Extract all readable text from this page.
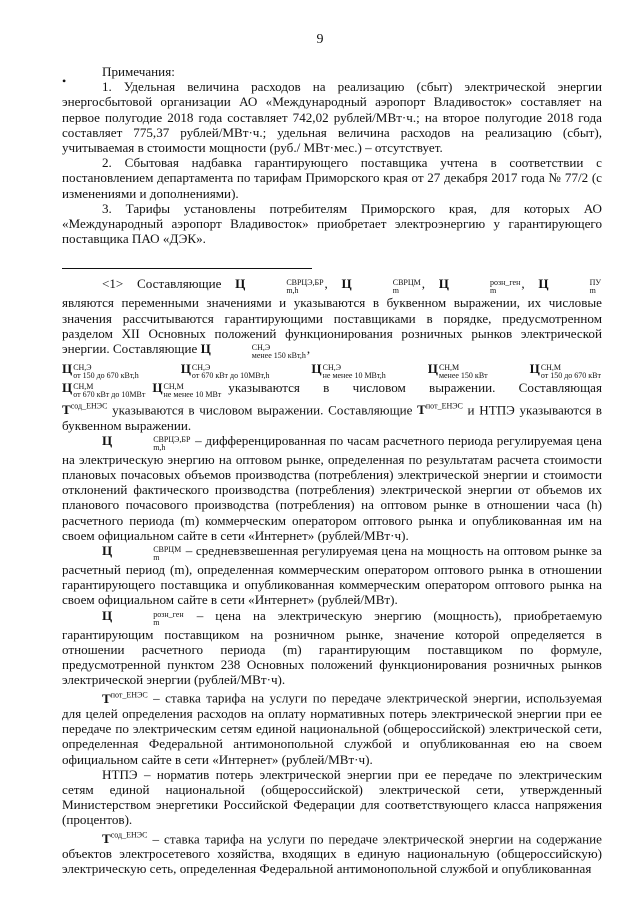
9
•

Примечания:

1. Удельная величина расходов на реализацию (сбыт) электрической энергии энергосбытовой организации АО «Международный аэропорт Владивосток» составляет на первое полугодие 2018 года составляет 742,02 рублей/МВт·ч.; на второе полугодие 2018 года составляет 775,37 рублей/МВт·ч.; удельная величина расходов на реализацию (сбыт), учитываемая в стоимости мощности (руб./ МВт·мес.) – отсутствует.

2. Сбытовая надбавка гарантирующего поставщика учтена в соответствии с постановлением департамента по тарифам Приморского края от 27 декабря 2017 года № 77/2 (с изменениями и дополнениями).

3. Тарифы установлены потребителям Приморского края, для которых АО «Международный аэропорт Владивосток» приобретает электроэнергию у гарантирующего поставщика ПАО «ДЭК».

<1> Составляющие Ц	СВРЦЭ,БР
m,h	, Ц	СВРЦМ
m	, Ц	розн_ген
m	, Ц	ПУ
m
являются переменными значениями и указываются в буквенном выражении, их числовые значения рассчитываются гарантирующими поставщиками в порядке, предусмотренном разделом XII Основных положений функционирования розничных рынков электрической энергии. Составляющие Ц	СН,Э
менее 150 кВт,h ,

Ц СН,Э
от 150 до 670 кВт,h	Ц СН,Э
от 670 кВт до 10МВт,h	Ц СН,Э
не менее 10 МВт,h	Ц СН,М
менее 150 кВт	Ц СН,М
от 150 до 670 кВт
Ц СН,М
от 670 кВт до 10МВт Ц СН,М
не менее 10 МВт указываются в числовом выражении. Составляющая

$Т^{сод\_ЕНЭС}$ указываются в числовом выражении. Составляющие $Т^{пот\_ЕНЭС}$ и НТПЭ указываются в буквенном выражении.

Ц	СВРЦЭ,БР
m,h	– дифференцированная по часам расчетного периода регулируемая цена на электрическую энергию на оптовом рынке, определенная по результатам расчета стоимости плановых почасовых объемов производства (потребления) электрической энергии и стоимости отклонений фактического производства (потребления) электрической энергии от объемов их планового почасового производства (потребления) на оптовом рынке в отношении часа (h) расчетного периода (m) коммерческим оператором оптового рынка и опубликованная им на своем официальном сайте в сети «Интернет» (рублей/МВт·ч).

Ц	СВРЦМ
m	– средневзвешенная регулируемая цена на мощность на оптовом рынке за расчетный период (m), определенная коммерческим оператором оптового рынка в отношении гарантирующего поставщика и опубликованная коммерческим оператором оптового рынка на своем официальном сайте в сети «Интернет» (рублей/МВт).

Ц	розн_ген
m	– цена на электрическую энергию (мощность), приобретаемую гарантирующим поставщиком на розничном рынке, значение которой определяется в отношении расчетного периода (m) гарантирующим поставщиком по формуле, предусмотренной пунктом 238 Основных положений функционирования розничных рынков электрической энергии (рублей/МВт·ч).

$Т^{пот\_ЕНЭС}$ – ставка тарифа на услуги по передаче электрической энергии, используемая для целей определения расходов на оплату нормативных потерь электрической энергии при ее передаче по электрическим сетям единой национальной (общероссийской) электрической сети, определенная Федеральной антимонопольной службой и опубликованная ею на своем официальном сайте в сети «Интернет» (рублей/МВт·ч).

НТПЭ – норматив потерь электрической энергии при ее передаче по электрическим сетям единой национальной (общероссийской) электрической сети, утвержденный Министерством энергетики Российской Федерации для соответствующего класса напряжения (процентов).

$Т^{сод\_ЕНЭС}$ – ставка тарифа на услуги по передаче электрической энергии на содержание объектов электросетевого хозяйства, входящих в единую национальную (общероссийскую) электрическую сеть, определенная Федеральной антимонопольной службой и опубликованная
